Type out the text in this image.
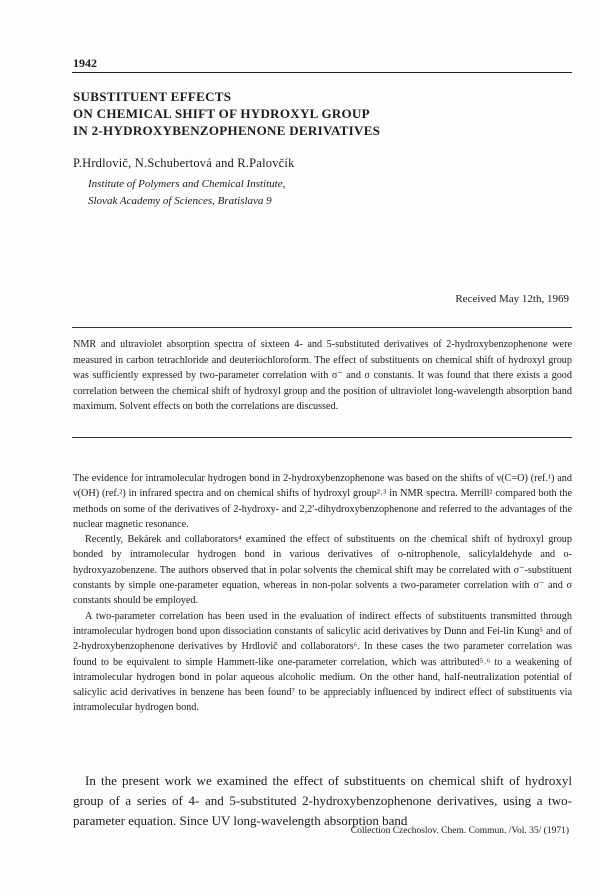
1942
SUBSTITUENT EFFECTS
ON CHEMICAL SHIFT OF HYDROXYL GROUP
IN 2-HYDROXYBENZOPHENONE DERIVATIVES
P.Hrdlovič, N.Schubertová and R.Palovčík
Institute of Polymers and Chemical Institute,
Slovak Academy of Sciences, Bratislava 9
Received May 12th, 1969
NMR and ultraviolet absorption spectra of sixteen 4- and 5-substituted derivatives of 2-hydroxybenzophenone were measured in carbon tetrachloride and deuteriochloroform. The effect of substituents on chemical shift of hydroxyl group was sufficiently expressed by two-parameter correlation with σ⁻ and σ constants. It was found that there exists a good correlation between the chemical shift of hydroxyl group and the position of ultraviolet long-wavelength absorption band maximum. Solvent effects on both the correlations are discussed.

The evidence for intramolecular hydrogen bond in 2-hydroxybenzophenone was based on the shifts of ν(C=O) (ref.¹) and ν(OH) (ref.²) in infrared spectra and on chemical shifts of hydroxyl group²˒³ in NMR spectra. Merrill² compared both the methods on some of the derivatives of 2-hydroxy- and 2,2′-dihydroxybenzophenone and referred to the advantages of the nuclear magnetic resonance.

Recently, Bekárek and collaborators⁴ examined the effect of substituents on the chemical shift of hydroxyl group bonded by intramolecular hydrogen bond in various derivatives of o-nitrophenole, salicylaldehyde and o-hydroxyazobenzene. The authors observed that in polar solvents the chemical shift may be correlated with σ⁻-substituent constants by simple one-parameter equation, whereas in non-polar solvents a two-parameter correlation with σ⁻ and σ constants should be employed.

A two-parameter correlation has been used in the evaluation of indirect effects of substituents transmitted through intramolecular hydrogen bond upon dissociation constants of salicylic acid derivatives by Dunn and Fei-lin Kung⁵ and of 2-hydroxybenzophenone derivatives by Hrdlovič and collaborators⁶. In these cases the two parameter correlation was found to be equivalent to simple Hammett-like one-parameter correlation, which was attributed⁵˒⁶ to a weakening of intramolecular hydrogen bond in polar aqueous alcoholic medium. On the other hand, half-neutralization potential of salicylic acid derivatives in benzene has been found⁷ to be appreciably influenced by indirect effect of substituents via intramolecular hydrogen bond.

In the present work we examined the effect of substituents on chemical shift of hydroxyl group of a series of 4- and 5-substituted 2-hydroxybenzophenone derivatives, using a two-parameter equation. Since UV long-wavelength absorption band

Collection Czechoslov. Chem. Commun. /Vol. 35/ (1971)
